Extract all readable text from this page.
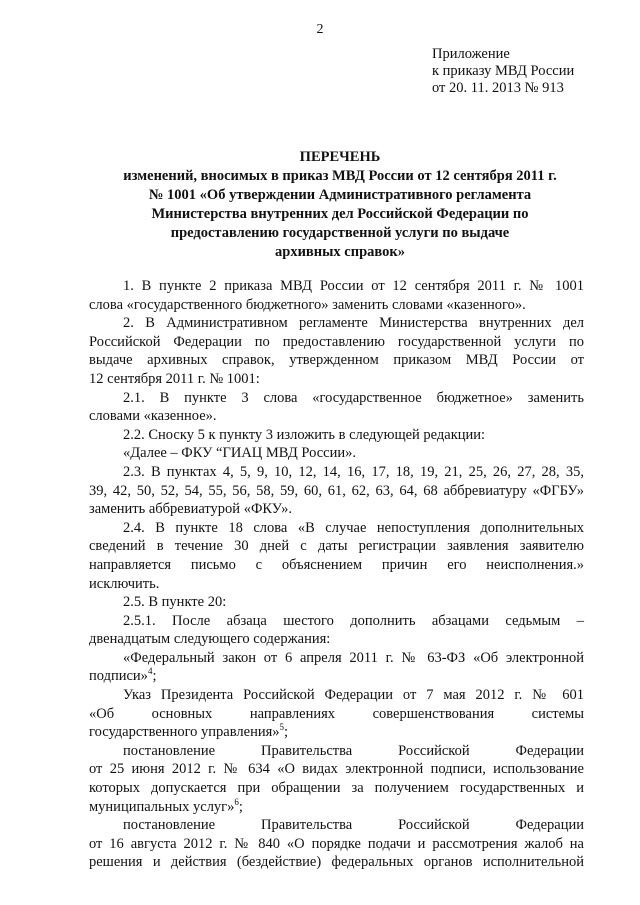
2
Приложение
к приказу МВД России
от 20. 11. 2013 № 913
ПЕРЕЧЕНЬ
изменений, вносимых в приказ МВД России от 12 сентября 2011 г.
№ 1001 «Об утверждении Административного регламента
Министерства внутренних дел Российской Федерации по
предоставлению государственной услуги по выдаче
архивных справок»
1. В пункте 2 приказа МВД России от 12 сентября 2011 г. № 1001
слова «государственного бюджетного» заменить словами «казенного».
2. В Административном регламенте Министерства внутренних дел
Российской Федерации по предоставлению государственной услуги по
выдаче архивных справок, утвержденном приказом МВД России от
12 сентября 2011 г. № 1001:
2.1. В пункте 3 слова «государственное бюджетное» заменить
словами «казенное».
2.2. Сноску 5 к пункту 3 изложить в следующей редакции:
«Далее – ФКУ “ГИАЦ МВД России».
2.3. В пунктах 4, 5, 9, 10, 12, 14, 16, 17, 18, 19, 21, 25, 26, 27, 28, 35,
39, 42, 50, 52, 54, 55, 56, 58, 59, 60, 61, 62, 63, 64, 68 аббревиатуру «ФГБУ»
заменить аббревиатурой «ФКУ».
2.4. В пункте 18 слова «В случае непоступления дополнительных
сведений в течение 30 дней с даты регистрации заявления заявителю
направляется письмо с объяснением причин его неисполнения.»
исключить.
2.5. В пункте 20:
2.5.1. После абзаца шестого дополнить абзацами седьмым –
двенадцатым следующего содержания:
«Федеральный закон от 6 апреля 2011 г. № 63-ФЗ «Об электронной
подписи»$^4$;
Указ Президента Российской Федерации от 7 мая 2012 г. № 601
«Об основных направлениях совершенствования системы
государственного управления»$^5$;
постановление Правительства Российской Федерации
от 25 июня 2012 г. № 634 «О видах электронной подписи, использование
которых допускается при обращении за получением государственных и
муниципальных услуг»$^6$;
постановление Правительства Российской Федерации
от 16 августа 2012 г. № 840 «О порядке подачи и рассмотрения жалоб на
решения и действия (бездействие) федеральных органов исполнительной
